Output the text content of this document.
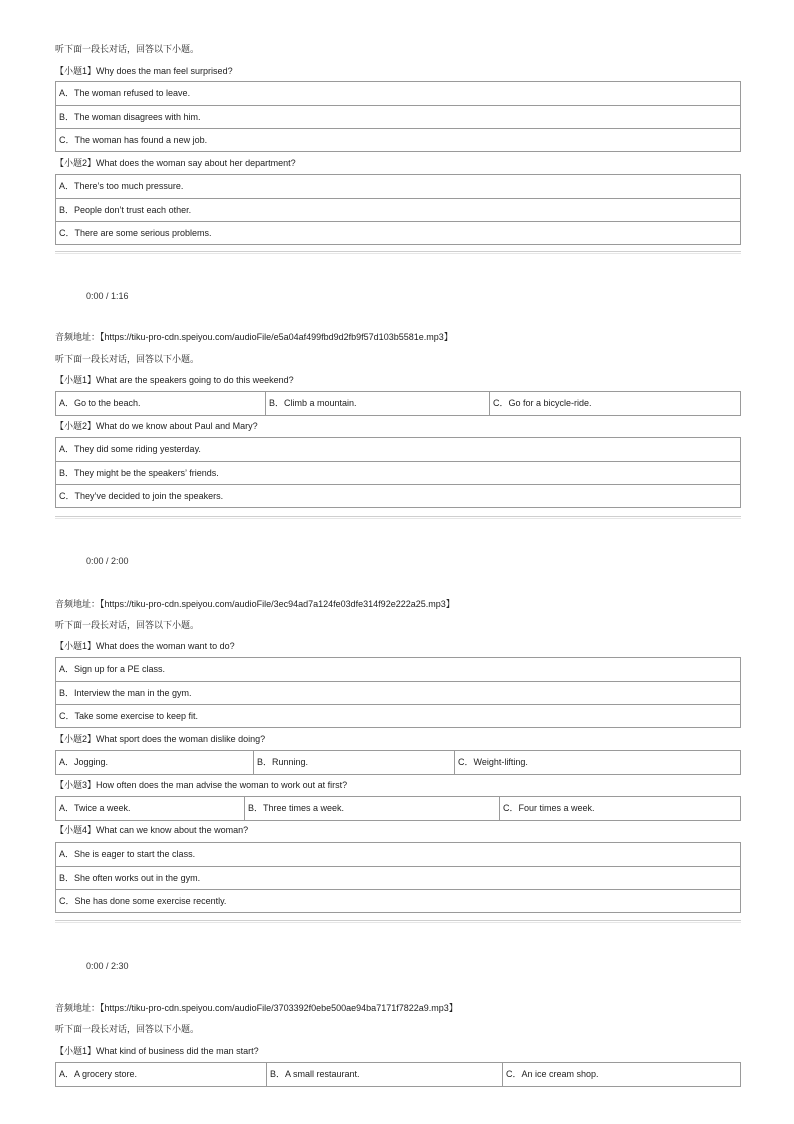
听下面一段长对话，回答以下小题。
【小题1】Why does the man feel surprised?
A．The woman refused to leave.
B．The woman disagrees with him.
C．The woman has found a new job.
【小题2】What does the woman say about her department?
A．There’s too much pressure.
B．People don’t trust each other.
C．There are some serious problems.
0:00 / 1:16
音频地址：【https://tiku-pro-cdn.speiyou.com/audioFile/e5a04af499fbd9d2fb9f57d103b5581e.mp3】
听下面一段长对话，回答以下小题。
【小题1】What are the speakers going to do this weekend?
A．Go to the beach.	B．Climb a mountain.	C．Go for a bicycle-ride.
【小题2】What do we know about Paul and Mary?
A．They did some riding yesterday.
B．They might be the speakers’ friends.
C．They’ve decided to join the speakers.
0:00 / 2:00
音频地址：【https://tiku-pro-cdn.speiyou.com/audioFile/3ec94ad7a124fe03dfe314f92e222a25.mp3】
听下面一段长对话，回答以下小题。
【小题1】What does the woman want to do?
A．Sign up for a PE class.
B．Interview the man in the gym.
C．Take some exercise to keep fit.
【小题2】What sport does the woman dislike doing?
A．Jogging.	B．Running.	C．Weight-lifting.
【小题3】How often does the man advise the woman to work out at first?
A．Twice a week.	B．Three times a week.	C．Four times a week.
【小题4】What can we know about the woman?
A．She is eager to start the class.
B．She often works out in the gym.
C．She has done some exercise recently.
0:00 / 2:30
音频地址：【https://tiku-pro-cdn.speiyou.com/audioFile/3703392f0ebe500ae94ba7171f7822a9.mp3】
听下面一段长对话，回答以下小题。
【小题1】What kind of business did the man start?
A．A grocery store.	B．A small restaurant.	C．An ice cream shop.
